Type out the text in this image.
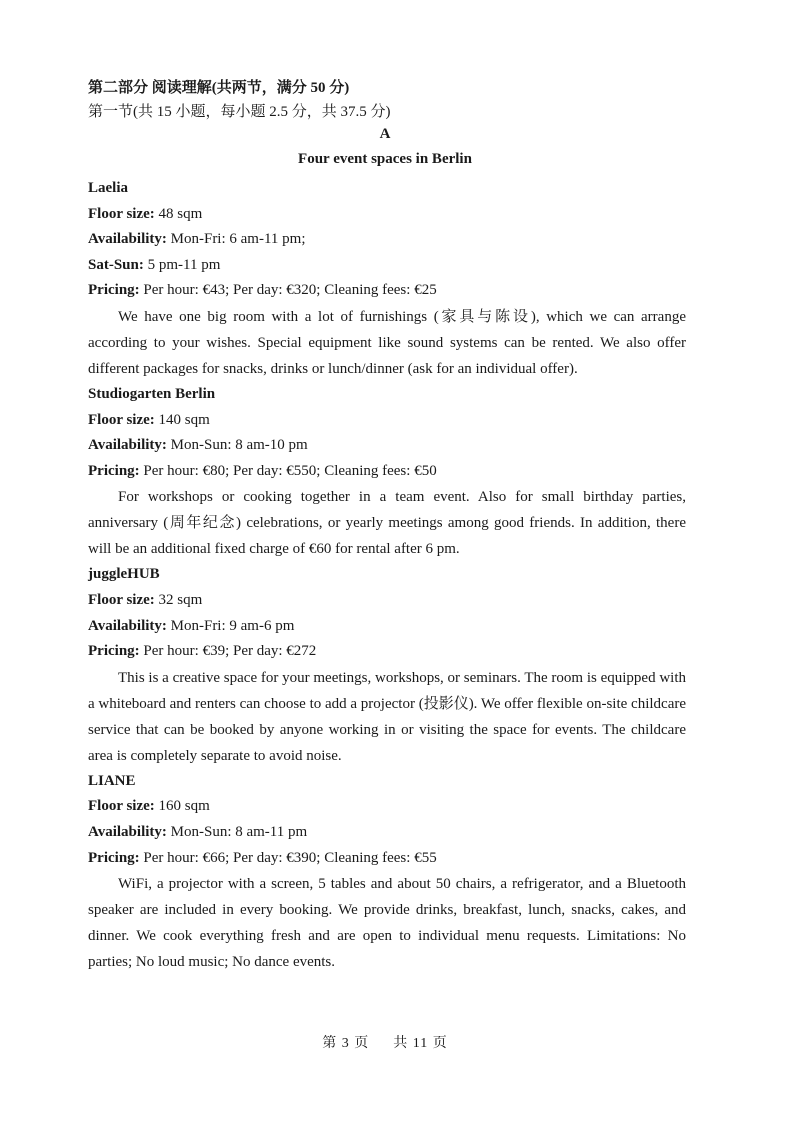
第二部分 阅读理解(共两节，满分 50 分)
第一节(共 15 小题，每小题 2.5 分，共 37.5 分)
A
Four event spaces in Berlin
Laelia
Floor size: 48 sqm
Availability: Mon-Fri: 6 am-11 pm;
Sat-Sun: 5 pm-11 pm
Pricing: Per hour: €43; Per day: €320; Cleaning fees: €25

We have one big room with a lot of furnishings (家具与陈设), which we can arrange according to your wishes. Special equipment like sound systems can be rented. We also offer different packages for snacks, drinks or lunch/dinner (ask for an individual offer).

Studiogarten Berlin
Floor size: 140 sqm
Availability: Mon-Sun: 8 am-10 pm
Pricing: Per hour: €80; Per day: €550; Cleaning fees: €50

For workshops or cooking together in a team event. Also for small birthday parties, anniversary (周年纪念) celebrations, or yearly meetings among good friends. In addition, there will be an additional fixed charge of €60 for rental after 6 pm.

juggleHUB
Floor size: 32 sqm
Availability: Mon-Fri: 9 am-6 pm
Pricing: Per hour: €39; Per day: €272

This is a creative space for your meetings, workshops, or seminars. The room is equipped with a whiteboard and renters can choose to add a projector (投影仪). We offer flexible on-site childcare service that can be booked by anyone working in or visiting the space for events. The childcare area is completely separate to avoid noise.

LIANE
Floor size: 160 sqm
Availability: Mon-Sun: 8 am-11 pm
Pricing: Per hour: €66; Per day: €390; Cleaning fees: €55

WiFi, a projector with a screen, 5 tables and about 50 chairs, a refrigerator, and a Bluetooth speaker are included in every booking. We provide drinks, breakfast, lunch, snacks, cakes, and dinner. We cook everything fresh and are open to individual menu requests. Limitations: No parties; No loud music; No dance events.

第 3 页 共 11 页
